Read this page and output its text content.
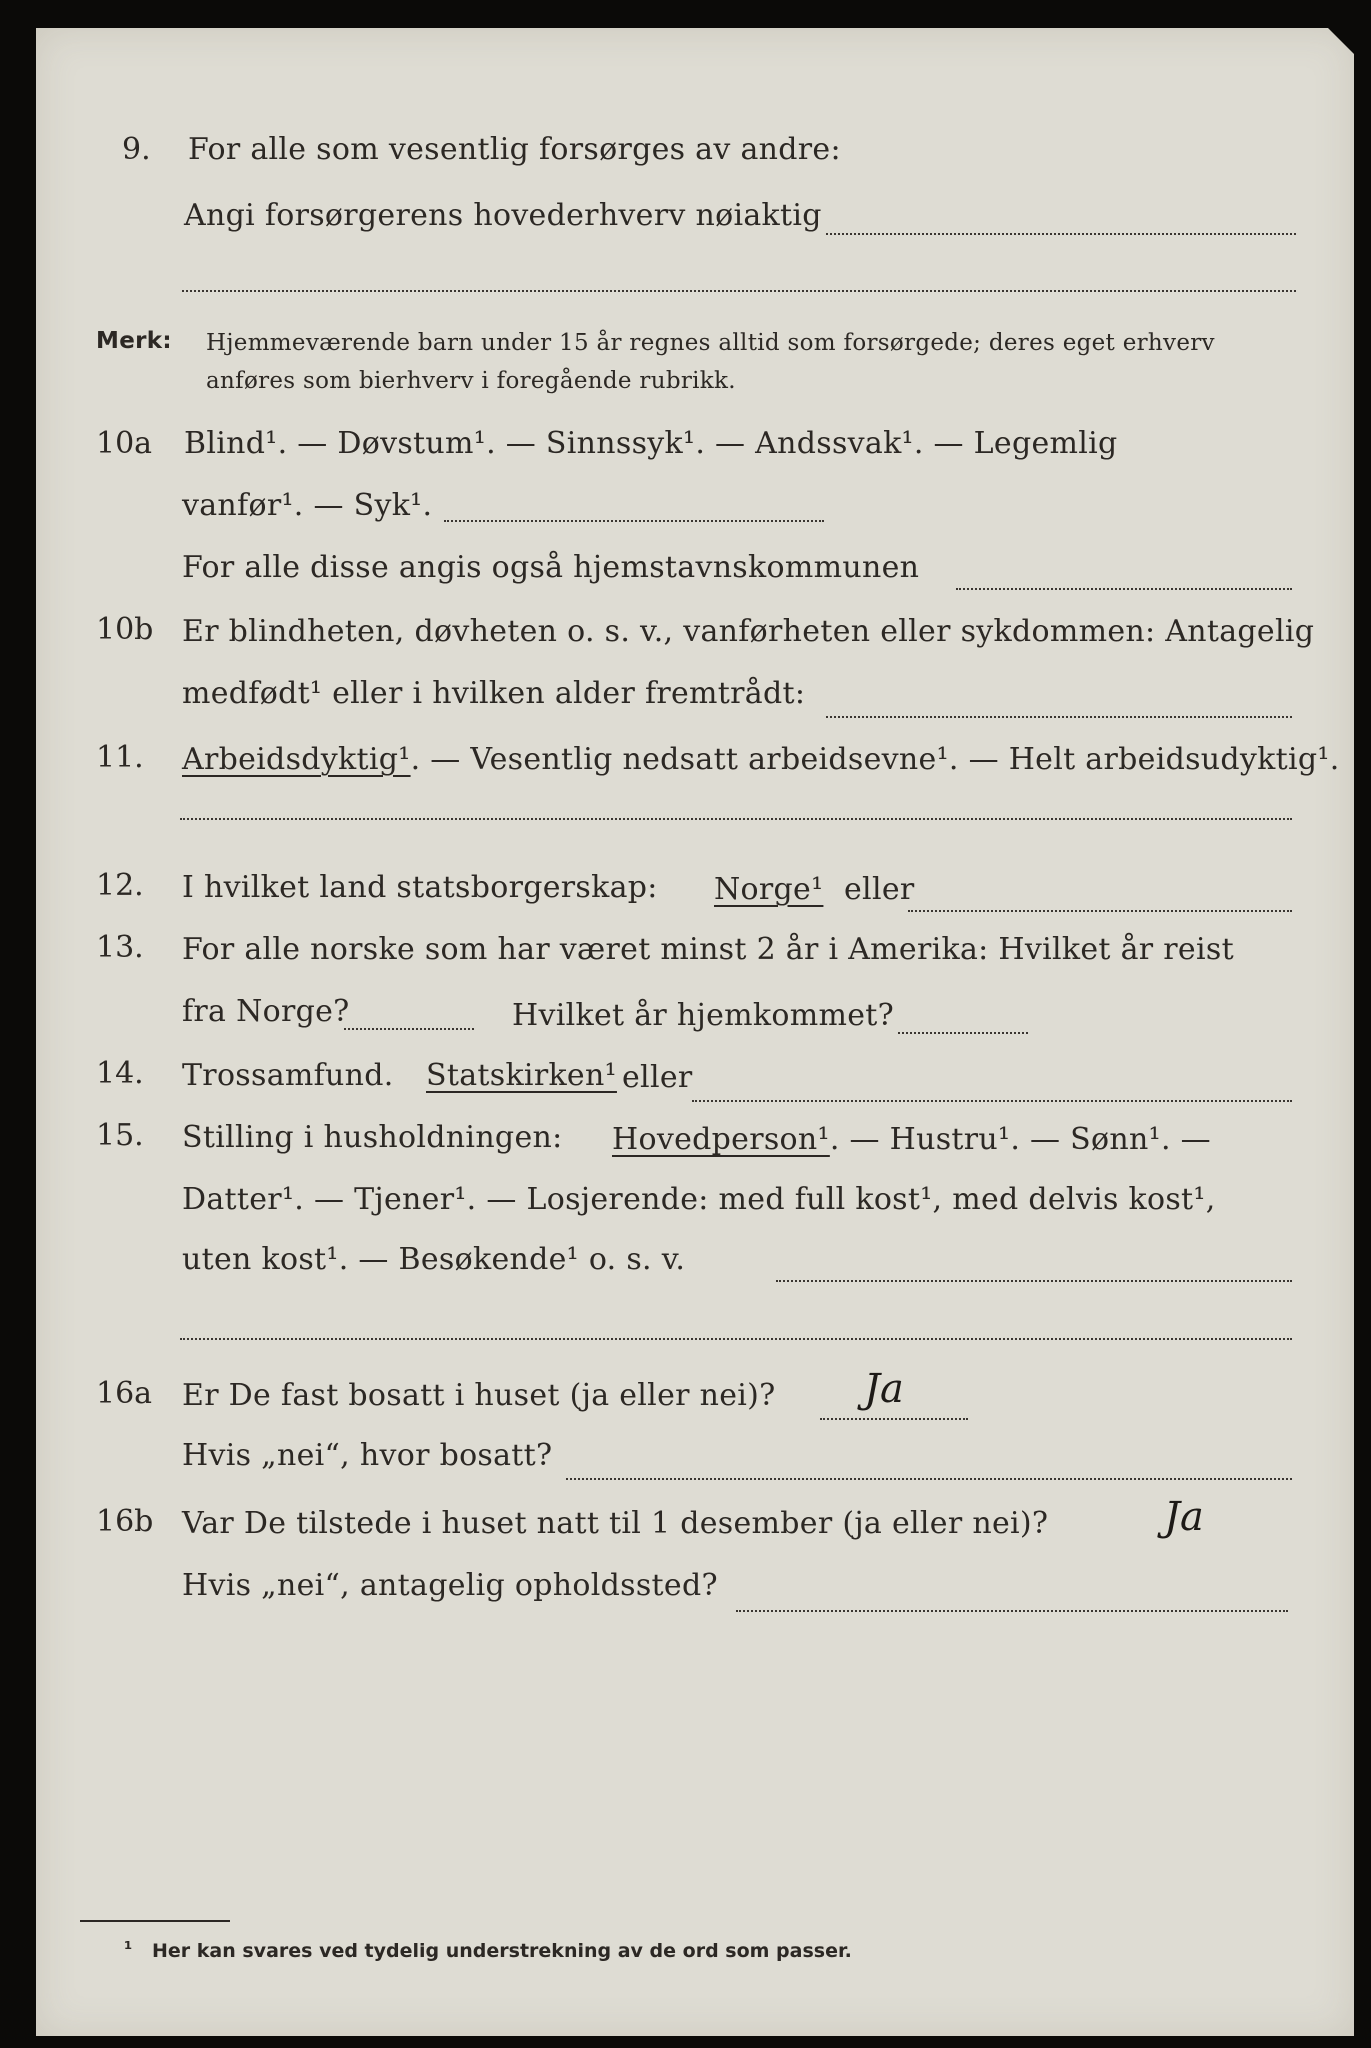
9. For alle som vesentlig forsørges av andre:
Angi forsørgerens hovederhverv nøiaktig
Merk: Hjemmeværende barn under 15 år regnes alltid som forsørgede; deres eget erhverv
anføres som bierhverv i foregående rubrikk.
10a Blind¹. — Døvstum¹. — Sinnssyk¹. — Andssvak¹. — Legemlig
vanfør¹. — Syk¹.
For alle disse angis også hjemstavnskommunen
10b Er blindheten, døvheten o. s. v., vanførheten eller sykdommen: Antagelig
medfødt¹ eller i hvilken alder fremtrådt:
11. Arbeidsdyktig¹. — Vesentlig nedsatt arbeidsevne¹. — Helt arbeidsudyktig¹.
12. I hvilket land statsborgerskap: Norge¹ eller
13. For alle norske som har været minst 2 år i Amerika: Hvilket år reist
fra Norge?	Hvilket år hjemkommet?
14. Trossamfund. Statskirken¹ eller
15. Stilling i husholdningen: Hovedperson¹. — Hustru¹. — Sønn¹. —
Datter¹. — Tjener¹. — Losjerende: med full kost¹, med delvis kost¹,
uten kost¹. — Besøkende¹ o. s. v.
16a Er De fast bosatt i huset (ja eller nei)? Ja
Hvis „nei“, hvor bosatt?
16b Var De tilstede i huset natt til 1 desember (ja eller nei)?	Ja
Hvis „nei“, antagelig opholdssted?
¹ Her kan svares ved tydelig understrekning av de ord som passer.
